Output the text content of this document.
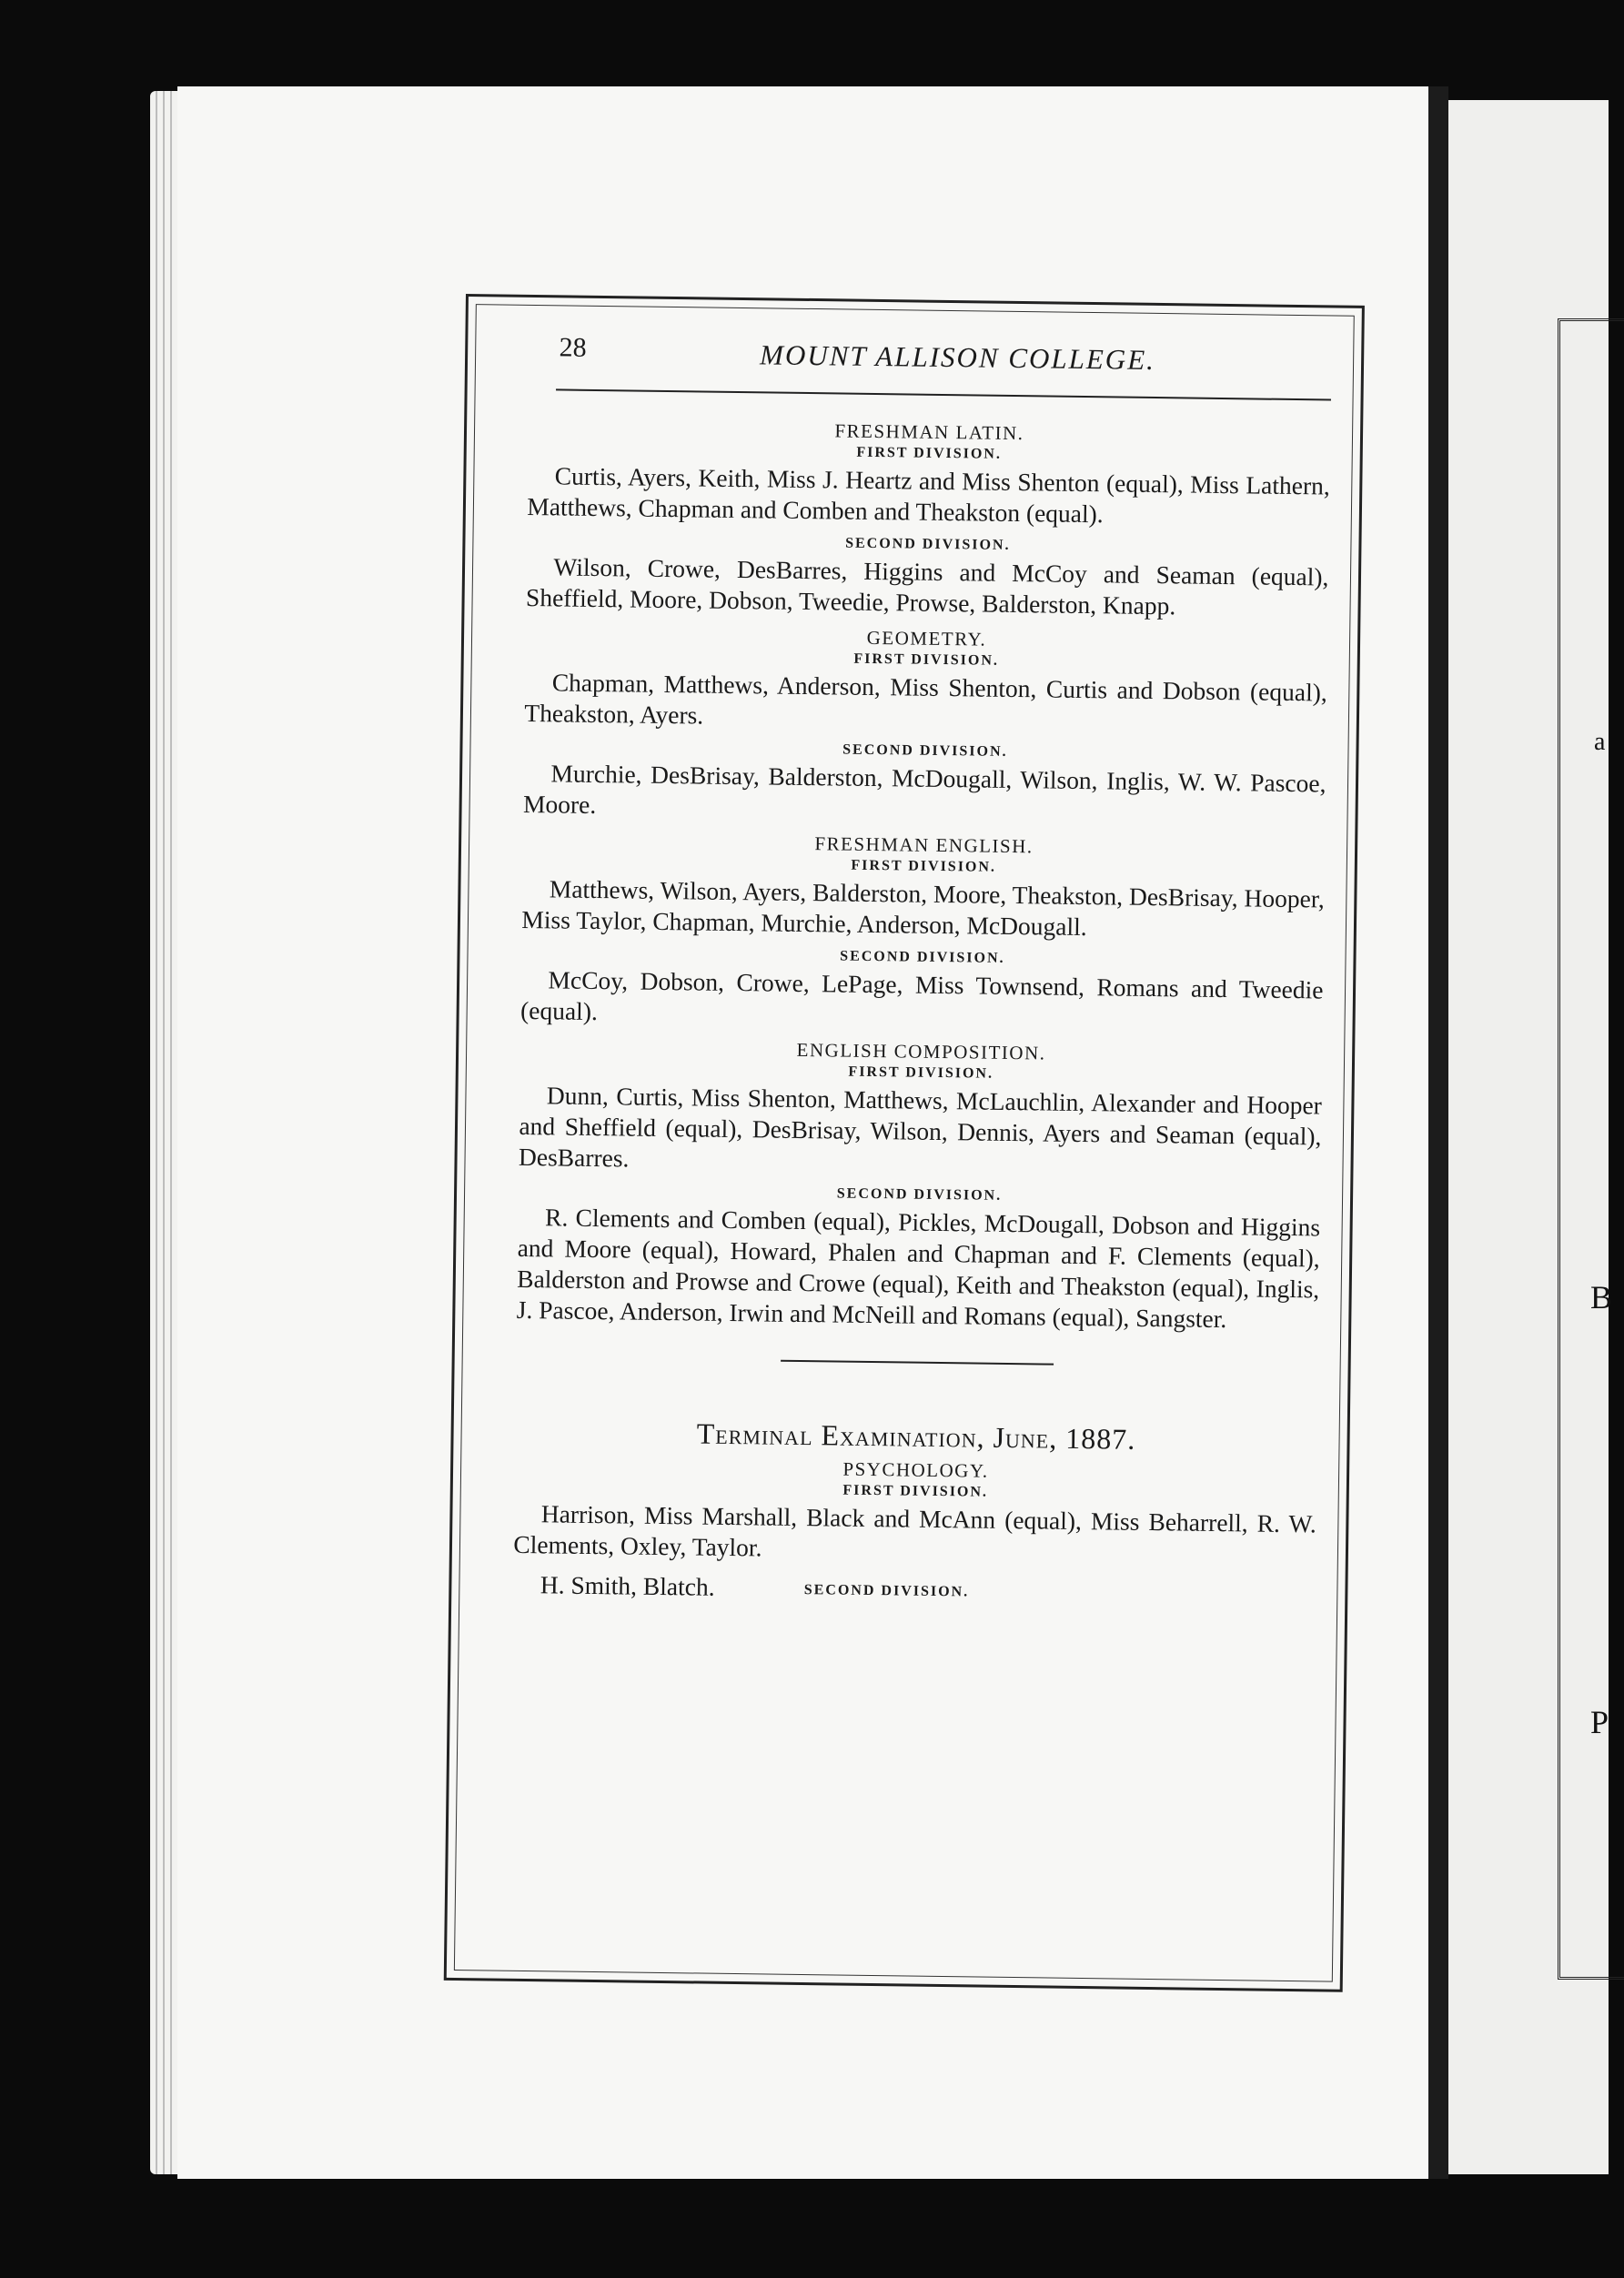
a
B
P
28	MOUNT ALLISON COLLEGE.
FRESHMAN LATIN.
FIRST DIVISION.

Curtis, Ayers, Keith, Miss J. Heartz and Miss Shenton (equal), Miss Lathern, Matthews, Chapman and Comben and Theakston (equal).

SECOND DIVISION.

Wilson, Crowe, DesBarres, Higgins and McCoy and Seaman (equal), Sheffield, Moore, Dobson, Tweedie, Prowse, Balderston, Knapp.

GEOMETRY.
FIRST DIVISION.

Chapman, Matthews, Anderson, Miss Shenton, Curtis and Dobson (equal), Theakston, Ayers.

SECOND DIVISION.

Murchie, DesBrisay, Balderston, McDougall, Wilson, Inglis, W. W. Pascoe, Moore.

FRESHMAN ENGLISH.
FIRST DIVISION.

Matthews, Wilson, Ayers, Balderston, Moore, Theakston, DesBrisay, Hooper, Miss Taylor, Chapman, Murchie, Anderson, McDougall.

SECOND DIVISION.

McCoy, Dobson, Crowe, LePage, Miss Townsend, Romans and Tweedie (equal).

ENGLISH COMPOSITION.
FIRST DIVISION.

Dunn, Curtis, Miss Shenton, Matthews, McLauchlin, Alexander and Hooper and Sheffield (equal), DesBrisay, Wilson, Dennis, Ayers and Seaman (equal), DesBarres.

SECOND DIVISION.

R. Clements and Comben (equal), Pickles, McDougall, Dobson and Higgins and Moore (equal), Howard, Phalen and Chapman and F. Clements (equal), Balderston and Prowse and Crowe (equal), Keith and Theakston (equal), Inglis, J. Pascoe, Anderson, Irwin and McNeill and Romans (equal), Sangster.

Terminal Examination, June, 1887.
PSYCHOLOGY.
FIRST DIVISION.

Harrison, Miss Marshall, Black and McAnn (equal), Miss Beharrell, R. W. Clements, Oxley, Taylor.

H. Smith, Blatch.	SECOND DIVISION.
